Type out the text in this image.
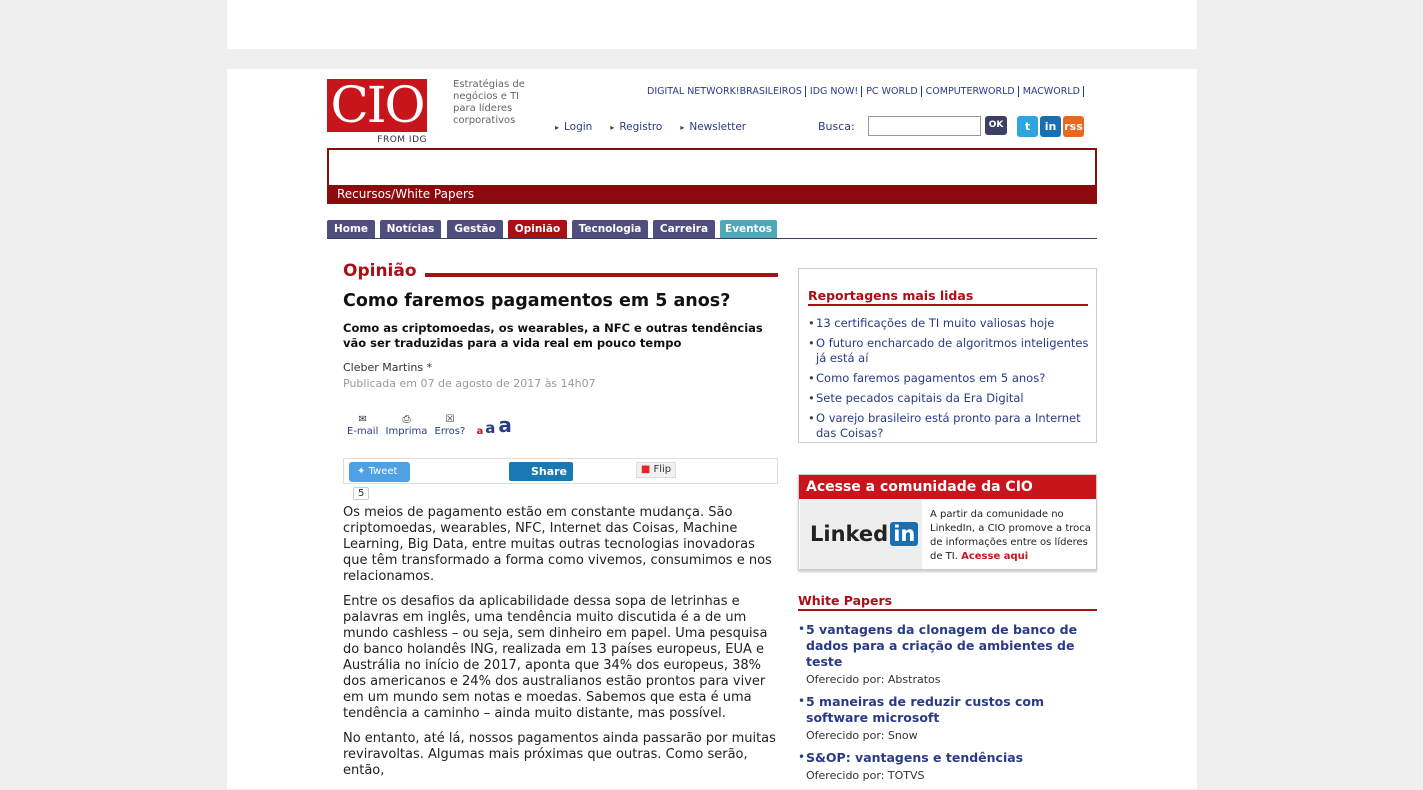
CIO
FROM IDG
Estratégias de negócios e TI para líderes corporativos
DIGITAL NETWORK!BRASILEIROS IDG NOW! PC WORLD COMPUTERWORLD MACWORLD
▸ Login	▸ Registro	▸ Newsletter	Busca:	OK	t in rss
Recursos/White Papers
Home	Notícias	Gestão	Opinião	Tecnologia	Carreira	Eventos
Opinião
Como faremos pagamentos em 5 anos?
Como as criptomoedas, os wearables, a NFC e outras tendências vão ser traduzidas para a vida real em pouco tempo
Cleber Martins *
Publicada em 07 de agosto de 2017 às 14h07
✉
E-mail
⎙
Imprima
☒
Erros? a a a
✦ Tweet	Share	■ Flip
5

Os meios de pagamento estão em constante mudança. São criptomoedas, wearables, NFC, Internet das Coisas, Machine Learning, Big Data, entre muitas outras tecnologias inovadoras que têm transformado a forma como vivemos, consumimos e nos relacionamos.

Entre os desafios da aplicabilidade dessa sopa de letrinhas e palavras em inglês, uma tendência muito discutida é a de um mundo cashless – ou seja, sem dinheiro em papel. Uma pesquisa do banco holandês ING, realizada em 13 países europeus, EUA e Austrália no início de 2017, aponta que 34% dos europeus, 38% dos americanos e 24% dos australianos estão prontos para viver em um mundo sem notas e moedas. Sabemos que esta é uma tendência a caminho – ainda muito distante, mas possível.

No entanto, até lá, nossos pagamentos ainda passarão por muitas reviravoltas. Algumas mais próximas que outras. Como serão, então,

Reportagens mais lidas
• 13 certificações de TI muito valiosas hoje
• O futuro encharcado de algoritmos inteligentes já está aí
• Como faremos pagamentos em 5 anos?
• Sete pecados capitais da Era Digital
• O varejo brasileiro está pronto para a Internet das Coisas?
Acesse a comunidade da CIO
Linked in

A partir da comunidade no LinkedIn, a CIO promove a troca de informações entre os líderes de TI. Acesse aqui

White Papers
• 5 vantagens da clonagem de banco de dados para a criação de ambientes de teste
Oferecido por: Abstratos
• 5 maneiras de reduzir custos com software microsoft
Oferecido por: Snow
• S&OP: vantagens e tendências
Oferecido por: TOTVS
